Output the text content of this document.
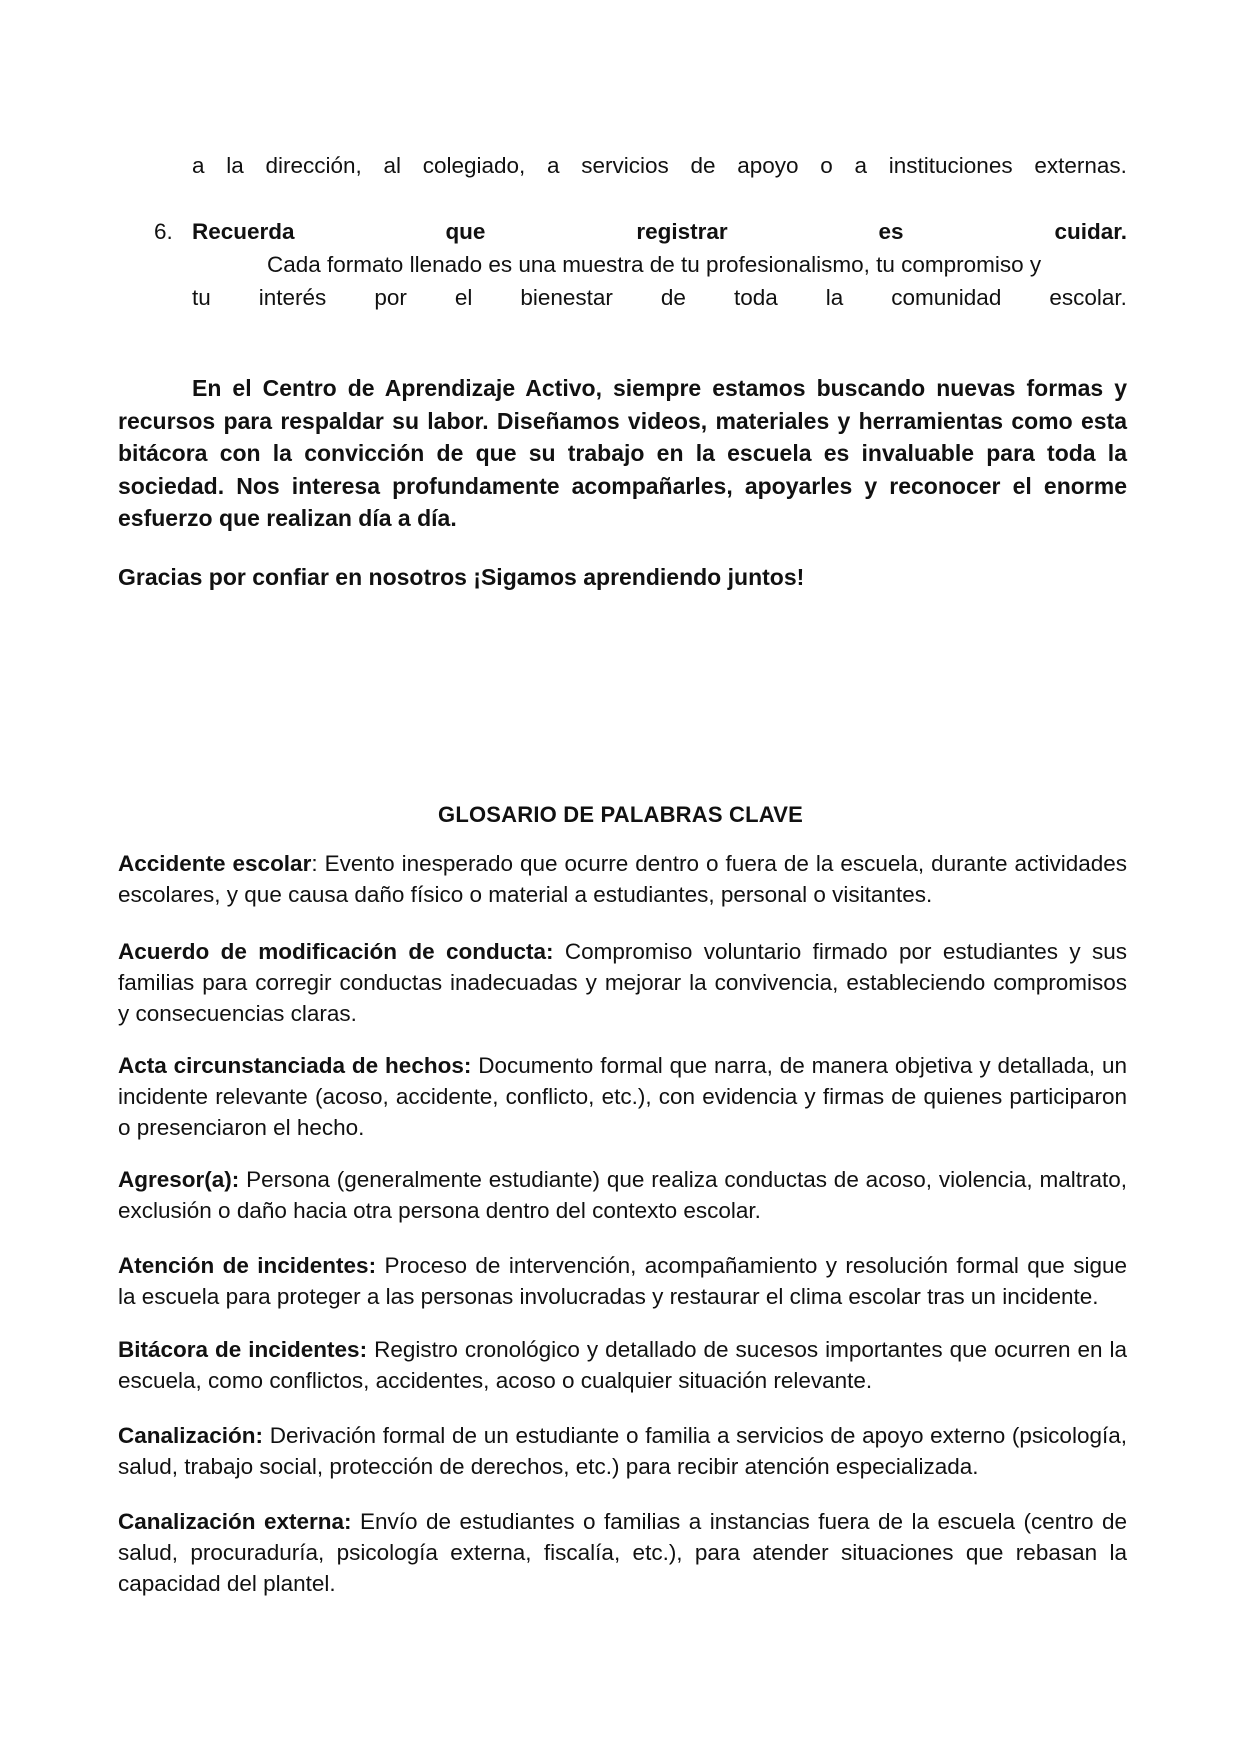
a la dirección, al colegiado, a servicios de apoyo o a instituciones externas.
6. Recuerda	que	registrar	es	cuidar.
Cada formato llenado es una muestra de tu profesionalismo, tu compromiso y
tu interés por el bienestar de toda la comunidad escolar.

En el Centro de Aprendizaje Activo, siempre estamos buscando nuevas formas y recursos para respaldar su labor. Diseñamos videos, materiales y herramientas como esta bitácora con la convicción de que su trabajo en la escuela es invaluable para toda la sociedad. Nos interesa profundamente acompañarles, apoyarles y reconocer el enorme esfuerzo que realizan día a día.

Gracias por confiar en nosotros ¡Sigamos aprendiendo juntos!

GLOSARIO DE PALABRAS CLAVE

Accidente escolar: Evento inesperado que ocurre dentro o fuera de la escuela, durante actividades escolares, y que causa daño físico o material a estudiantes, personal o visitantes.

Acuerdo de modificación de conducta: Compromiso voluntario firmado por estudiantes y sus familias para corregir conductas inadecuadas y mejorar la convivencia, estableciendo compromisos y consecuencias claras.

Acta circunstanciada de hechos: Documento formal que narra, de manera objetiva y detallada, un incidente relevante (acoso, accidente, conflicto, etc.), con evidencia y firmas de quienes participaron o presenciaron el hecho.

Agresor(a): Persona (generalmente estudiante) que realiza conductas de acoso, violencia, maltrato, exclusión o daño hacia otra persona dentro del contexto escolar.

Atención de incidentes: Proceso de intervención, acompañamiento y resolución formal que sigue la escuela para proteger a las personas involucradas y restaurar el clima escolar tras un incidente.

Bitácora de incidentes: Registro cronológico y detallado de sucesos importantes que ocurren en la escuela, como conflictos, accidentes, acoso o cualquier situación relevante.

Canalización: Derivación formal de un estudiante o familia a servicios de apoyo externo (psicología, salud, trabajo social, protección de derechos, etc.) para recibir atención especializada.

Canalización externa: Envío de estudiantes o familias a instancias fuera de la escuela (centro de salud, procuraduría, psicología externa, fiscalía, etc.), para atender situaciones que rebasan la capacidad del plantel.
